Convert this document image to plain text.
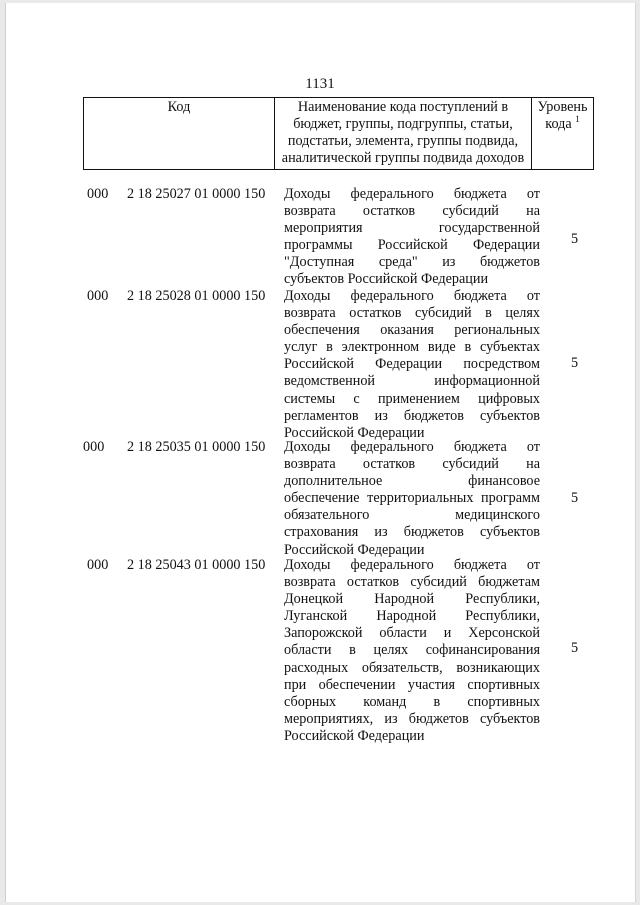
1131
Код	Наименование кода поступлений в
бюджет, группы, подгруппы, статьи,
подстатьи, элемента, группы подвида,
аналитической группы подвида доходов

Уровень
кода $^1$
000 2 18 25027 01 0000 150 Доходы федерального бюджета от
возврата остатков субсидий на
мероприятия государственной
программы Российской Федерации
"Доступная среда" из бюджетов
субъектов Российской Федерации
5
000 2 18 25028 01 0000 150 Доходы федерального бюджета от
возврата остатков субсидий в целях
обеспечения оказания региональных
услуг в электронном виде в субъектах
Российской Федерации посредством
ведомственной информационной
системы с применением цифровых
регламентов из бюджетов субъектов
Российской Федерации
5
000 2 18 25035 01 0000 150 Доходы федерального бюджета от
возврата остатков субсидий на
дополнительное финансовое
обеспечение территориальных программ
обязательного медицинского
страхования из бюджетов субъектов
Российской Федерации
5
000 2 18 25043 01 0000 150 Доходы федерального бюджета от
возврата остатков субсидий бюджетам
Донецкой Народной Республики,
Луганской Народной Республики,
Запорожской области и Херсонской
области в целях софинансирования
расходных обязательств, возникающих
при обеспечении участия спортивных
сборных команд в спортивных
мероприятиях, из бюджетов субъектов
Российской Федерации
5
